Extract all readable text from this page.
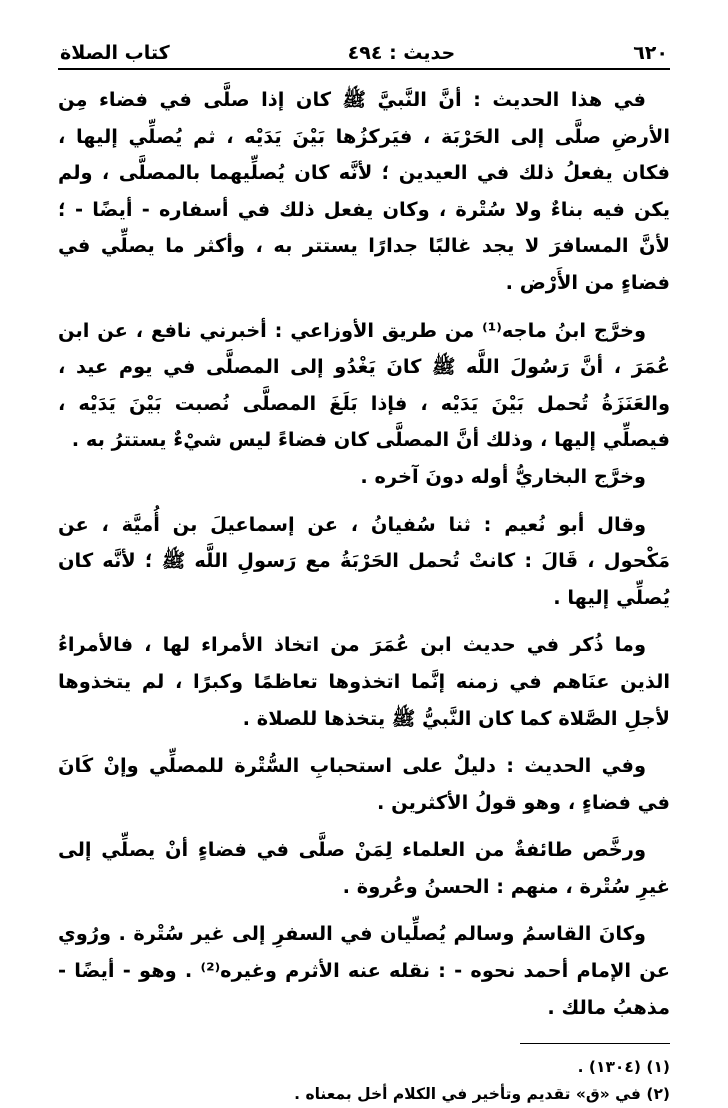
٦٢٠
حديث : ٤٩٤
كتاب الصلاة

في هذا الحديث : أنَّ النَّبيَّ ﷺ كان إذا صلَّى في فضاء مِن الأرضِ صلَّى إلى الحَرْبَة ، فيَركزُها بَيْنَ يَدَيْه ، ثم يُصلِّي إليها ، فكان يفعلُ ذلك في العيدين ؛ لأنَّه كان يُصلِّيهما بالمصلَّى ، ولم يكن فيه بناءٌ ولا سُتْرة ، وكان يفعل ذلك في أسفاره - أيضًا - ؛ لأنَّ المسافرَ لا يجد غالبًا جدارًا يستتر به ، وأكثر ما يصلِّي في فضاءٍ من الأَرْض .

وخرَّج ابنُ ماجه⁽¹⁾ من طريق الأوزاعي : أخبرني نافع ، عن ابن عُمَرَ ، أنَّ رَسُولَ اللَّه ﷺ كانَ يَغْدُو إلى المصلَّى في يوم عيد ، والعَنَزَةُ تُحمل بَيْنَ يَدَيْه ، فإذا بَلَغَ المصلَّى نُصبت بَيْنَ يَدَيْه ، فيصلِّي إليها ، وذلك أنَّ المصلَّى كان فضاءً ليس شيْءٌ يستترُ به .

وخرَّج البخاريُّ أوله دونَ آخره .

وقال أبو نُعيم : ثنا سُفيانُ ، عن إسماعيلَ بن أُميَّة ، عن مَكْحول ، قَالَ : كانتْ تُحمل الحَرْبَةُ مع رَسولِ اللَّه ﷺ ؛ لأنَّه كان يُصلِّي إليها .

وما ذُكر في حديث ابن عُمَرَ من اتخاذ الأمراء لها ، فالأمراءُ الذين عنَاهم في زمنه إنَّما اتخذوها تعاظمًا وكبرًا ، لم يتخذوها لأجلِ الصَّلاة كما كان النَّبيُّ ﷺ يتخذها للصلاة .

وفي الحديث : دليلٌ على استحبابِ السُّتْرة للمصلِّي وإنْ كَانَ في فضاءٍ ، وهو قولُ الأكثرين .

ورخَّص طائفةٌ من العلماء لِمَنْ صلَّى في فضاءٍ أنْ يصلِّي إلى غيرِ سُتْرة ، منهم : الحسنُ وعُروة .

وكانَ القاسمُ وسالم يُصلِّيان في السفرِ إلى غير سُتْرة . ورُوي عن الإمام أحمد نحوه - : نقله عنه الأثرم وغيره⁽²⁾ . وهو - أيضًا - مذهبُ مالك .

(١) (١٣٠٤) .

(٢) في «ق» تقديم وتأخير في الكلام أخل بمعناه .
